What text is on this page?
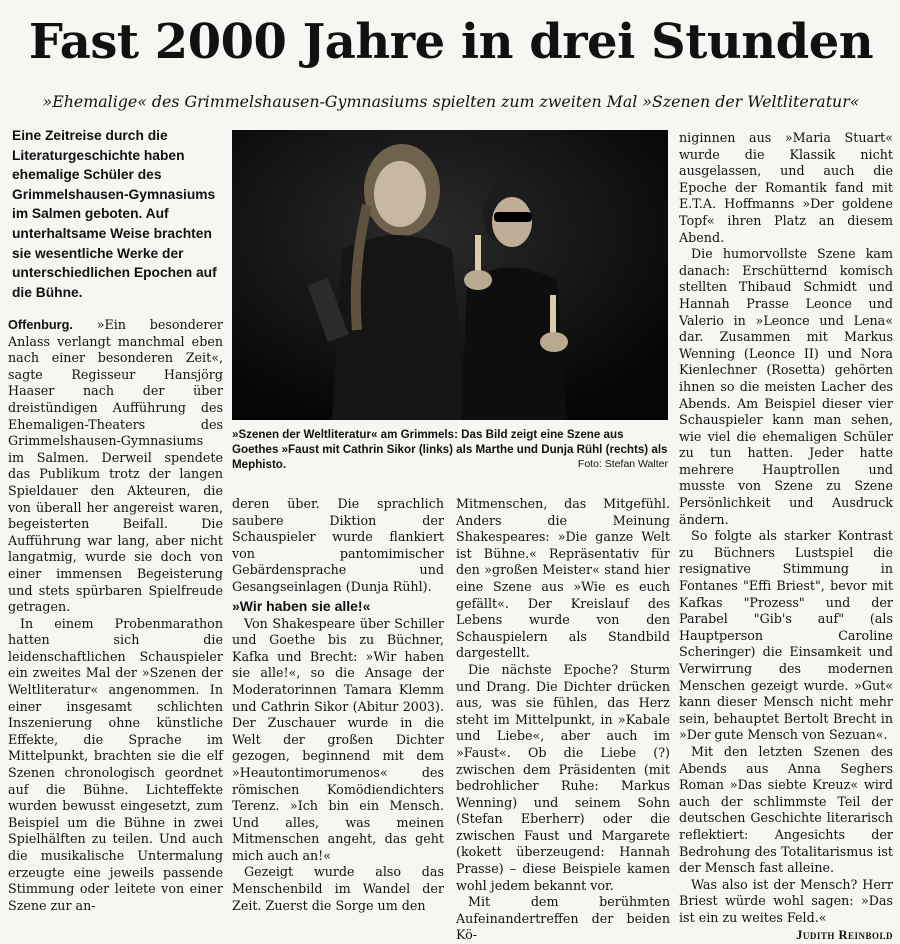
Fast 2000 Jahre in drei Stunden
»Ehemalige« des Grimmelshausen-Gymnasiums spielten zum zweiten Mal »Szenen der Weltliteratur«
Eine Zeitreise durch die Literaturgeschichte haben ehemalige Schüler des Grimmelshausen-Gymnasiums im Salmen geboten. Auf unterhaltsame Weise brachten sie wesentliche Werke der unterschiedlichen Epochen auf die Bühne.
»Szenen der Weltliteratur« am Grimmels: Das Bild zeigt eine Szene aus Goethes »Faust mit Cathrin Sikor (links) als Marthe und Dunja Rühl (rechts) als Mephisto.	Foto: Stefan Walter

Offenburg. »Ein besonderer Anlass verlangt manchmal eben nach einer besonderen Zeit«, sagte Regisseur Hansjörg Haaser nach der über dreistündigen Aufführung des Ehemaligen-Theaters des Grimmelshausen-Gymnasiums im Salmen. Derweil spendete das Publikum trotz der langen Spieldauer den Akteuren, die von überall her angereist waren, begeisterten Beifall. Die Aufführung war lang, aber nicht langatmig, wurde sie doch von einer immensen Begeisterung und stets spürbaren Spielfreude getragen.

In einem Probenmarathon hatten sich die leidenschaftlichen Schauspieler ein zweites Mal der »Szenen der Weltliteratur« angenommen. In einer insgesamt schlichten Inszenierung ohne künstliche Effekte, die Sprache im Mittelpunkt, brachten sie die elf Szenen chronologisch geordnet auf die Bühne. Lichteffekte wurden bewusst eingesetzt, zum Beispiel um die Bühne in zwei Spielhälften zu teilen. Und auch die musikalische Untermalung erzeugte eine jeweils passende Stimmung oder leitete von einer Szene zur an-

deren über. Die sprachlich saubere Diktion der Schauspieler wurde flankiert von pantomimischer Gebärdensprache und Gesangseinlagen (Dunja Rühl).

»Wir haben sie alle!«

Von Shakespeare über Schiller und Goethe bis zu Büchner, Kafka und Brecht: »Wir haben sie alle!«, so die Ansage der Moderatorinnen Tamara Klemm und Cathrin Sikor (Abitur 2003). Der Zuschauer wurde in die Welt der großen Dichter gezogen, beginnend mit dem »Heautontimorumenos« des römischen Komödiendichters Terenz. »Ich bin ein Mensch. Und alles, was meinen Mitmenschen angeht, das geht mich auch an!«

Gezeigt wurde also das Menschenbild im Wandel der Zeit. Zuerst die Sorge um den

Mitmenschen, das Mitgefühl. Anders die Meinung Shakespeares: »Die ganze Welt ist Bühne.« Repräsentativ für den »großen Meister« stand hier eine Szene aus »Wie es euch gefällt«. Der Kreislauf des Lebens wurde von den Schauspielern als Standbild dargestellt.

Die nächste Epoche? Sturm und Drang. Die Dichter drücken aus, was sie fühlen, das Herz steht im Mittelpunkt, in »Kabale und Liebe«, aber auch im »Faust«. Ob die Liebe (?) zwischen dem Präsidenten (mit bedrohlicher Ruhe: Markus Wenning) und seinem Sohn (Stefan Eberherr) oder die zwischen Faust und Margarete (kokett überzeugend: Hannah Prasse) – diese Beispiele kamen wohl jedem bekannt vor.

Mit dem berühmten Aufeinandertreffen der beiden Kö-

niginnen aus »Maria Stuart« wurde die Klassik nicht ausgelassen, und auch die Epoche der Romantik fand mit E.T.A. Hoffmanns »Der goldene Topf« ihren Platz an diesem Abend.

Die humorvollste Szene kam danach: Erschütternd komisch stellten Thibaud Schmidt und Hannah Prasse Leonce und Valerio in »Leonce und Lena« dar. Zusammen mit Markus Wenning (Leonce II) und Nora Kienlechner (Rosetta) gehörten ihnen so die meisten Lacher des Abends. Am Beispiel dieser vier Schauspieler kann man sehen, wie viel die ehemaligen Schüler zu tun hatten. Jeder hatte mehrere Hauptrollen und musste von Szene zu Szene Persönlichkeit und Ausdruck ändern.

So folgte als starker Kontrast zu Büchners Lustspiel die resignative Stimmung in Fontanes "Effi Briest", bevor mit Kafkas "Prozess" und der Parabel "Gib's auf" (als Hauptperson Caroline Scheringer) die Einsamkeit und Verwirrung des modernen Menschen gezeigt wurde. »Gut« kann dieser Mensch nicht mehr sein, behauptet Bertolt Brecht in »Der gute Mensch von Sezuan«.

Mit den letzten Szenen des Abends aus Anna Seghers Roman »Das siebte Kreuz« wird auch der schlimmste Teil der deutschen Geschichte literarisch reflektiert: Angesichts der Bedrohung des Totalitarismus ist der Mensch fast alleine.

Was also ist der Mensch? Herr Briest würde wohl sagen: »Das ist ein zu weites Feld.«
Judith Reinbold
